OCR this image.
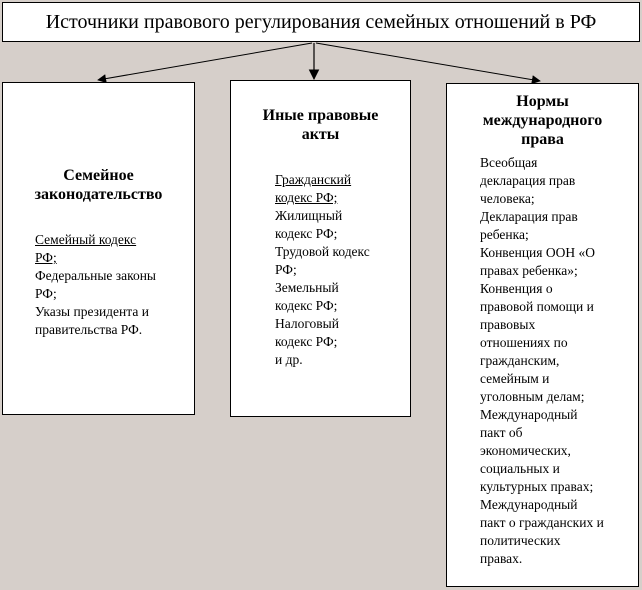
Источники правового регулирования семейных отношений в РФ
Семейное
законодательство
Семейный кодекс
РФ;
Федеральные законы
РФ;
Указы президента и
правительства РФ.
Иные правовые
акты
Гражданский
кодекс РФ;
Жилищный
кодекс РФ;
Трудовой кодекс
РФ;
Земельный
кодекс РФ;
Налоговый
кодекс РФ;
и др.
Нормы
международного
права
Всеобщая
декларация прав
человека;
Декларация прав
ребенка;
Конвенция ООН «О
правах ребенка»;
Конвенция о
правовой помощи и
правовых
отношениях по
гражданским,
семейным и
уголовным делам;
Международный
пакт об
экономических,
социальных и
культурных правах;
Международный
пакт о гражданских и
политических
правах.
